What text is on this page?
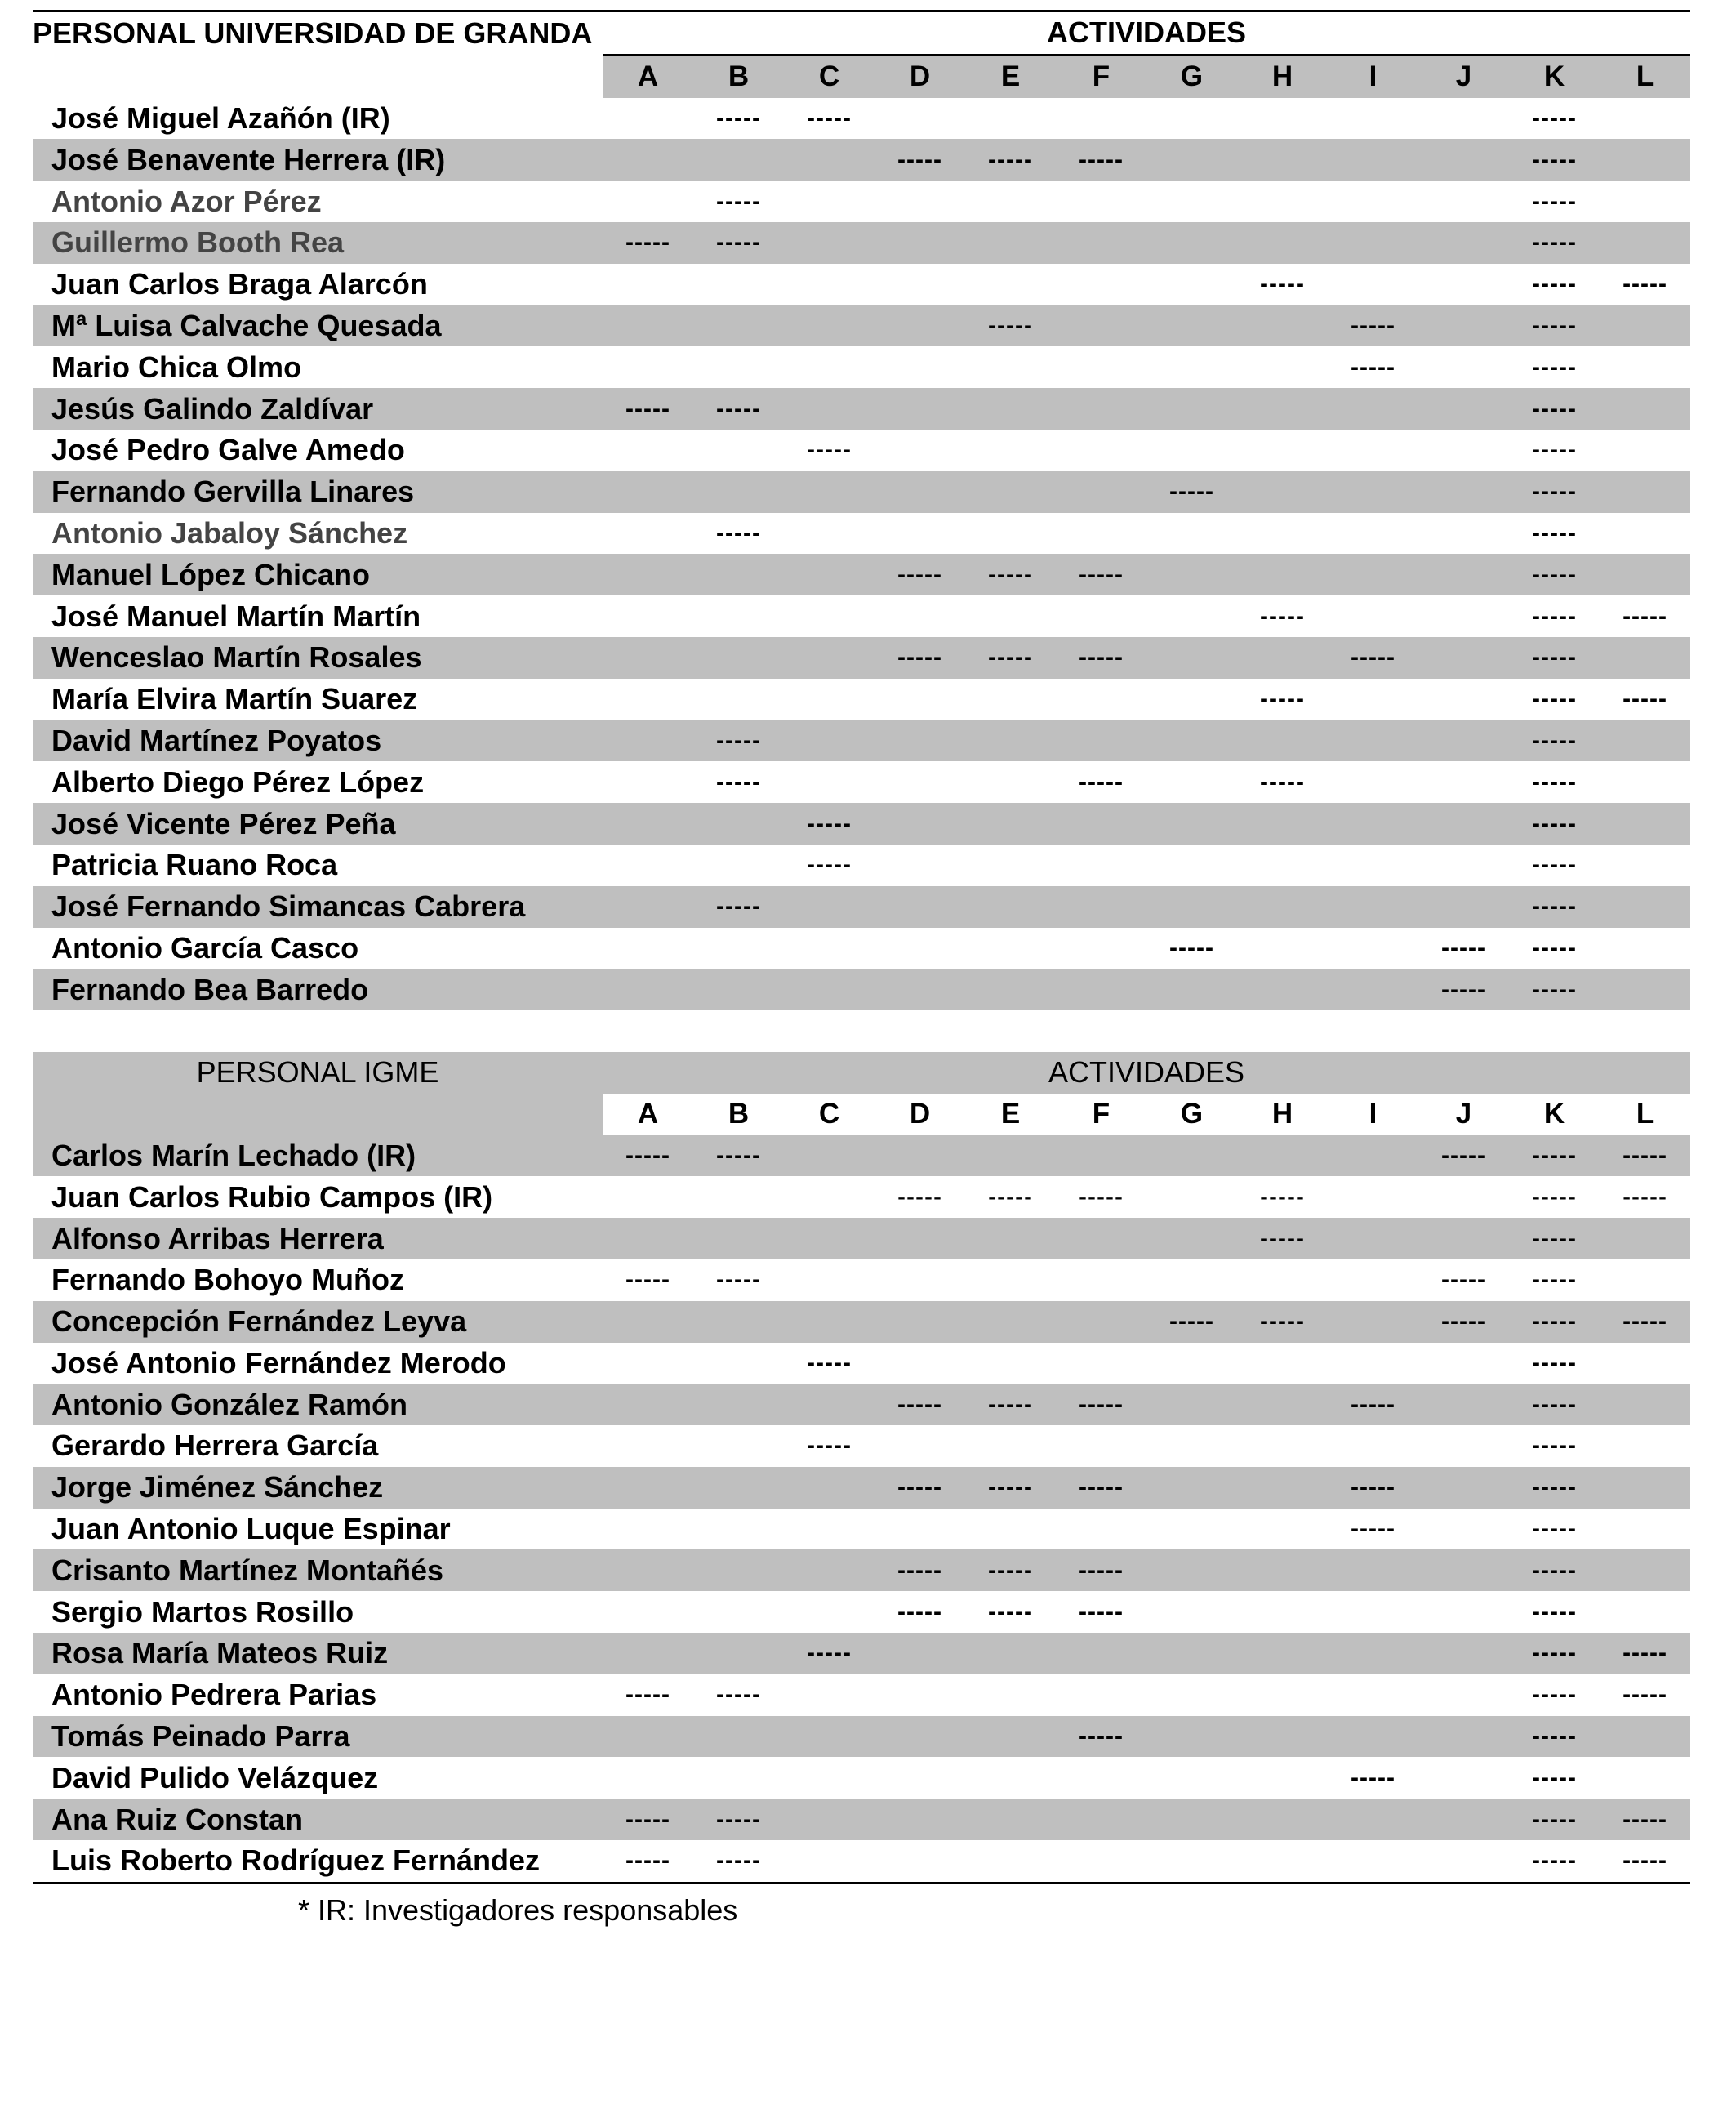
PERSONAL UNIVERSIDAD DE GRANDA	ACTIVIDADES											
	A	B	C	D	E	F	G	H	I	J	K	L
José Miguel Azañón (IR)		-----	-----								-----	
José Benavente Herrera (IR)				-----	-----	-----					-----	
Antonio Azor Pérez		-----									-----	
Guillermo Booth Rea	-----	-----									-----	
Juan Carlos Braga Alarcón								-----			-----	-----
Mª Luisa Calvache Quesada					-----				-----		-----	
Mario Chica Olmo									-----		-----	
Jesús Galindo Zaldívar	-----	-----									-----	
José Pedro Galve Amedo			-----								-----	
Fernando Gervilla Linares							-----				-----	
Antonio Jabaloy Sánchez		-----									-----	
Manuel López Chicano				-----	-----	-----					-----	
José Manuel Martín Martín								-----			-----	-----
Wenceslao Martín Rosales				-----	-----	-----			-----		-----	
María Elvira Martín Suarez								-----			-----	-----
David Martínez Poyatos		-----									-----	
Alberto Diego Pérez López		-----				-----		-----			-----	
José Vicente Pérez Peña			-----								-----	
Patricia Ruano Roca			-----								-----	
José Fernando Simancas Cabrera		-----									-----	
Antonio García Casco							-----			-----	-----	
Fernando Bea Barredo										-----	-----	

PERSONAL IGME	ACTIVIDADES											
	A	B	C	D	E	F	G	H	I	J	K	L
Carlos Marín Lechado (IR)	-----	-----								-----	-----	-----
Juan Carlos Rubio Campos (IR)				-----	-----	-----		-----			-----	-----
Alfonso Arribas Herrera								-----			-----	
Fernando Bohoyo Muñoz	-----	-----								-----	-----	
Concepción Fernández Leyva							-----	-----		-----	-----	-----
José Antonio Fernández Merodo			-----								-----	
Antonio González Ramón				-----	-----	-----			-----		-----	
Gerardo Herrera García			-----								-----	
Jorge Jiménez Sánchez				-----	-----	-----			-----		-----	
Juan Antonio Luque Espinar									-----		-----	
Crisanto Martínez Montañés				-----	-----	-----					-----	
Sergio Martos Rosillo				-----	-----	-----					-----	
Rosa María Mateos Ruiz			-----								-----	-----
Antonio Pedrera Parias	-----	-----									-----	-----
Tomás Peinado Parra						-----					-----	
David Pulido Velázquez									-----		-----	
Ana Ruiz Constan	-----	-----									-----	-----
Luis Roberto Rodríguez Fernández	-----	-----									-----	-----
* IR: Investigadores responsables
